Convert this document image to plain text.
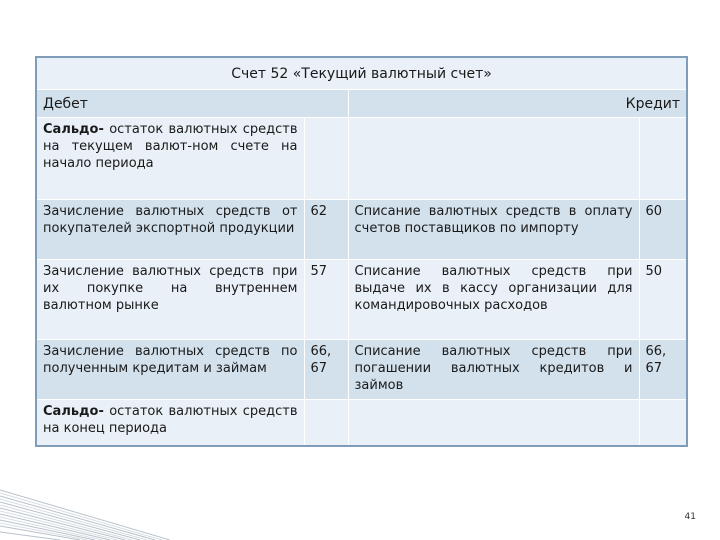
Счет 52 «Текущий валютный счет»			
Дебет		Кредит	
Сальдо- остаток валютных средств на текущем валют-ном счете на начало периода			
Зачисление валютных средств от покупателей экспортной продукции	62	Списание валютных средств в оплату счетов поставщиков по импорту	60
Зачисление валютных средств при их покупке на внутреннем валютном рынке	57	Списание валютных средств при выдаче их в кассу организации для командировочных расходов	50
Зачисление валютных средств по полученным кредитам и займам	66, 67	Списание валютных средств при погашении валютных кредитов и займов	66, 67
Сальдо- остаток валютных средств на конец периода			
41
